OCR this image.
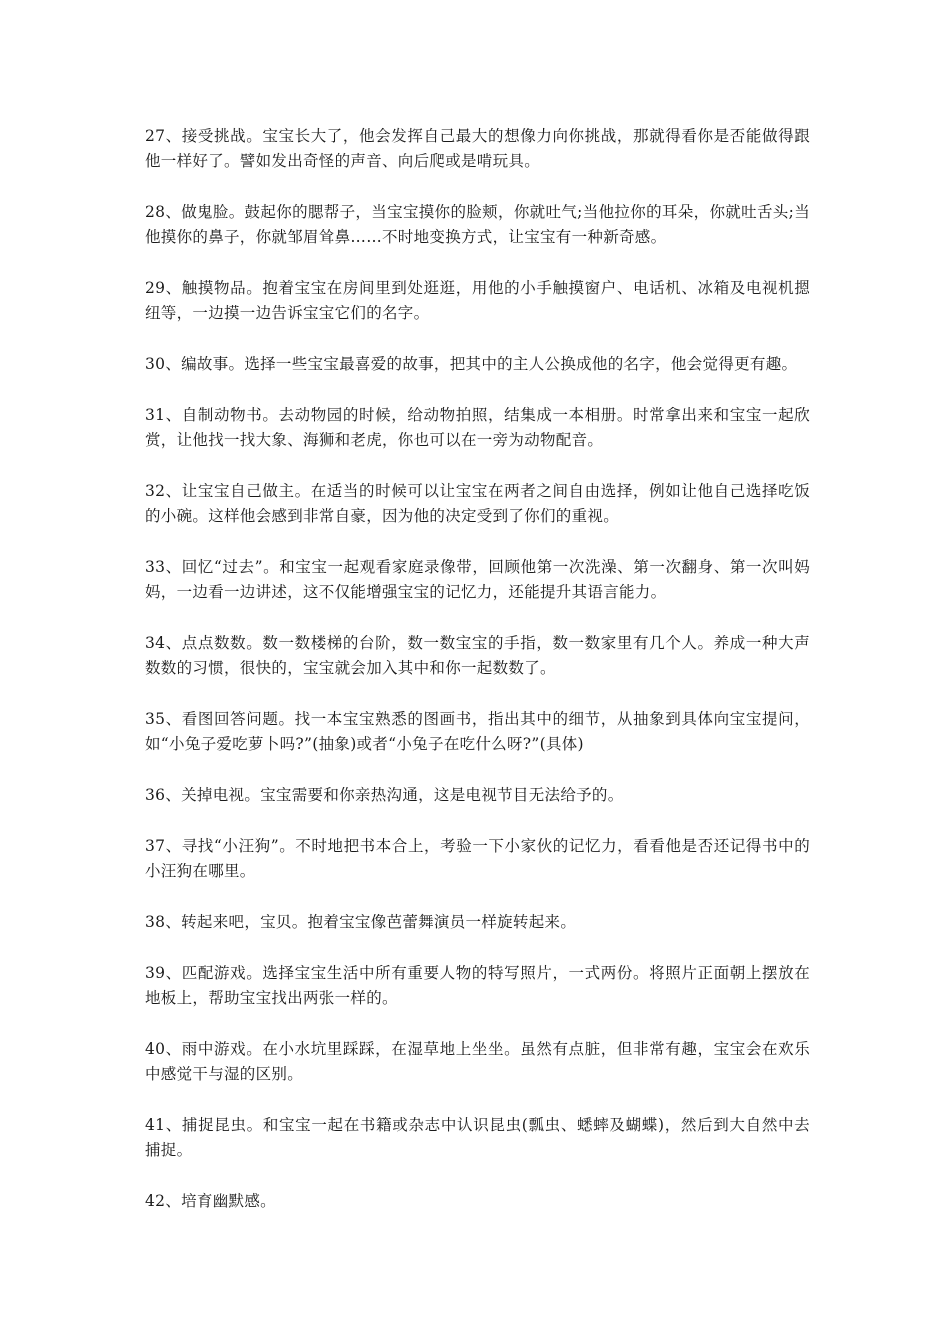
27、接受挑战。宝宝长大了，他会发挥自己最大的想像力向你挑战，那就得看你是否能做得跟他一样好了。譬如发出奇怪的声音、向后爬或是啃玩具。

28、做鬼脸。鼓起你的腮帮子，当宝宝摸你的脸颊，你就吐气;当他拉你的耳朵，你就吐舌头;当他摸你的鼻子，你就邹眉耸鼻……不时地变换方式，让宝宝有一种新奇感。

29、触摸物品。抱着宝宝在房间里到处逛逛，用他的小手触摸窗户、电话机、冰箱及电视机摁纽等，一边摸一边告诉宝宝它们的名字。

30、编故事。选择一些宝宝最喜爱的故事，把其中的主人公换成他的名字，他会觉得更有趣。

31、自制动物书。去动物园的时候，给动物拍照，结集成一本相册。时常拿出来和宝宝一起欣赏，让他找一找大象、海狮和老虎，你也可以在一旁为动物配音。

32、让宝宝自己做主。在适当的时候可以让宝宝在两者之间自由选择，例如让他自己选择吃饭的小碗。这样他会感到非常自豪，因为他的决定受到了你们的重视。

33、回忆“过去”。和宝宝一起观看家庭录像带，回顾他第一次洗澡、第一次翻身、第一次叫妈妈，一边看一边讲述，这不仅能增强宝宝的记忆力，还能提升其语言能力。

34、点点数数。数一数楼梯的台阶，数一数宝宝的手指，数一数家里有几个人。养成一种大声数数的习惯，很快的，宝宝就会加入其中和你一起数数了。

35、看图回答问题。找一本宝宝熟悉的图画书，指出其中的细节，从抽象到具体向宝宝提问，如“小兔子爱吃萝卜吗?”(抽象)或者“小兔子在吃什么呀?”(具体)

36、关掉电视。宝宝需要和你亲热沟通，这是电视节目无法给予的。

37、寻找“小汪狗”。不时地把书本合上，考验一下小家伙的记忆力，看看他是否还记得书中的小汪狗在哪里。

38、转起来吧，宝贝。抱着宝宝像芭蕾舞演员一样旋转起来。

39、匹配游戏。选择宝宝生活中所有重要人物的特写照片，一式两份。将照片正面朝上摆放在地板上，帮助宝宝找出两张一样的。

40、雨中游戏。在小水坑里踩踩，在湿草地上坐坐。虽然有点脏，但非常有趣，宝宝会在欢乐中感觉干与湿的区别。

41、捕捉昆虫。和宝宝一起在书籍或杂志中认识昆虫(瓢虫、蟋蟀及蝴蝶)，然后到大自然中去捕捉。

42、培育幽默感。
